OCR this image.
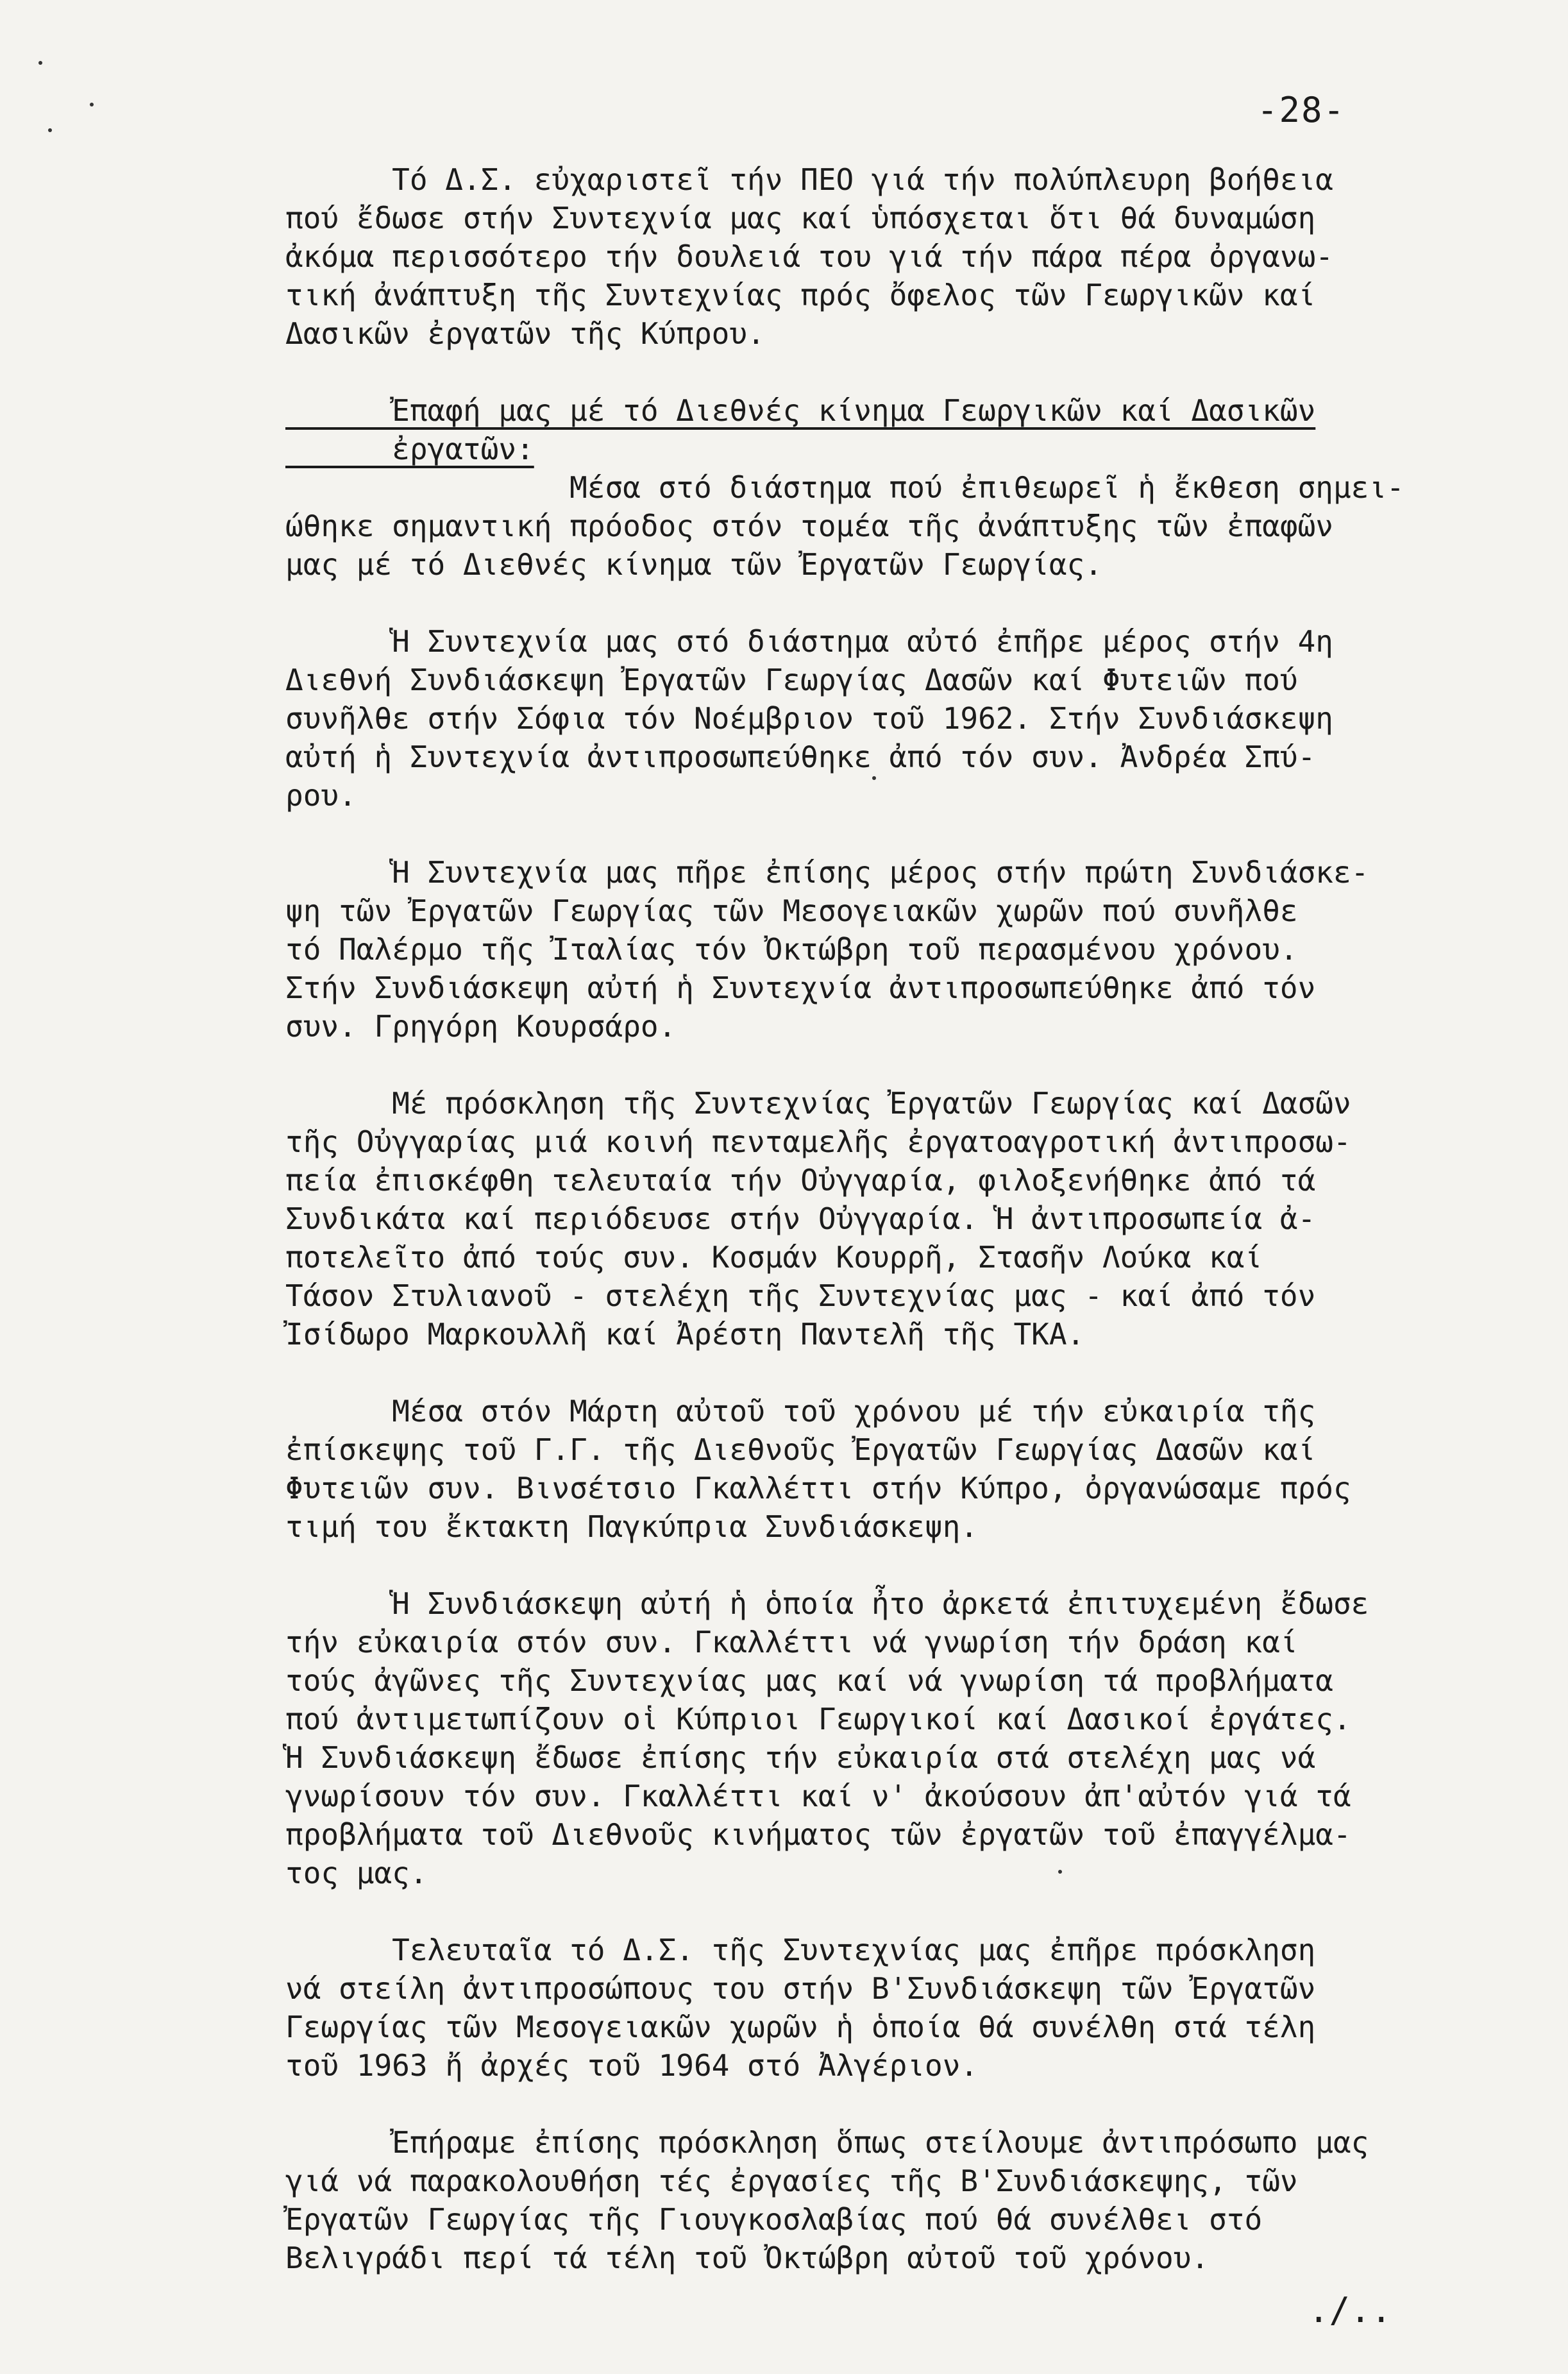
-28-

Τό Δ.Σ. εὐχαριστεῖ τήν ΠΕΟ γιά τήν πολύπλευρη βοήθεια
πού ἔδωσε στήν Συντεχνία μας καί ὑπόσχεται ὅτι θά δυναμώση
ἀκόμα περισσότερο τήν δουλειά του γιά τήν πάρα πέρα ὀργανω-
τική ἀνάπτυξη τῆς Συντεχνίας πρός ὄφελος τῶν Γεωργικῶν καί
Δασικῶν ἐργατῶν τῆς Κύπρου.

Ἐπαφή μας μέ τό Διεθνές κίνημα Γεωργικῶν καί Δασικῶν
ἐργατῶν:
Μέσα στό διάστημα πού ἐπιθεωρεῖ ἡ ἔκθεση σημει-
ώθηκε σημαντική πρόοδος στόν τομέα τῆς ἀνάπτυξης τῶν ἐπαφῶν
μας μέ τό Διεθνές κίνημα τῶν Ἐργατῶν Γεωργίας.

Ἡ Συντεχνία μας στό διάστημα αὐτό ἐπῆρε μέρος στήν 4η
Διεθνή Συνδιάσκεψη Ἐργατῶν Γεωργίας Δασῶν καί Φυτειῶν πού
συνῆλθε στήν Σόφια τόν Νοέμβριον τοῦ 1962. Στήν Συνδιάσκεψη
αὐτή ἡ Συντεχνία ἀντιπροσωπεύθηκε ἀπό τόν συν. Ἀνδρέα Σπύ-
ρου.

Ἡ Συντεχνία μας πῆρε ἐπίσης μέρος στήν πρώτη Συνδιάσκε-
ψη τῶν Ἐργατῶν Γεωργίας τῶν Μεσογειακῶν χωρῶν πού συνῆλθε
τό Παλέρμο τῆς Ἰταλίας τόν Ὀκτώβρη τοῦ περασμένου χρόνου.
Στήν Συνδιάσκεψη αὐτή ἡ Συντεχνία ἀντιπροσωπεύθηκε ἀπό τόν
συν. Γρηγόρη Κουρσάρο.

Μέ πρόσκληση τῆς Συντεχνίας Ἐργατῶν Γεωργίας καί Δασῶν
τῆς Οὐγγαρίας μιά κοινή πενταμελῆς ἐργατοαγροτική ἀντιπροσω-
πεία ἐπισκέφθη τελευταία τήν Οὐγγαρία, φιλοξενήθηκε ἀπό τά
Συνδικάτα καί περιόδευσε στήν Οὐγγαρία. Ἡ ἀντιπροσωπεία ἀ-
ποτελεῖτο ἀπό τούς συν. Κοσμάν Κουρρῆ, Στασῆν Λούκα καί
Τάσον Στυλιανοῦ - στελέχη τῆς Συντεχνίας μας - καί ἀπό τόν
Ἰσίδωρο Μαρκουλλῆ καί Ἀρέστη Παντελῆ τῆς ΤΚΑ.

Μέσα στόν Μάρτη αὐτοῦ τοῦ χρόνου μέ τήν εὐκαιρία τῆς
ἐπίσκεψης τοῦ Γ.Γ. τῆς Διεθνοῦς Ἐργατῶν Γεωργίας Δασῶν καί
Φυτειῶν συν. Βινσέτσιο Γκαλλέττι στήν Κύπρο, ὀργανώσαμε πρός
τιμή του ἔκτακτη Παγκύπρια Συνδιάσκεψη.

Ἡ Συνδιάσκεψη αὐτή ἡ ὁποία ἦτο ἀρκετά ἐπιτυχεμένη ἔδωσε
τήν εὐκαιρία στόν συν. Γκαλλέττι νά γνωρίση τήν δράση καί
τούς ἀγῶνες τῆς Συντεχνίας μας καί νά γνωρίση τά προβλήματα
πού ἀντιμετωπίζουν οἱ Κύπριοι Γεωργικοί καί Δασικοί ἐργάτες.
Ἡ Συνδιάσκεψη ἔδωσε ἐπίσης τήν εὐκαιρία στά στελέχη μας νά
γνωρίσουν τόν συν. Γκαλλέττι καί ν' ἀκούσουν ἀπ'αὐτόν γιά τά
προβλήματα τοῦ Διεθνοῦς κινήματος τῶν ἐργατῶν τοῦ ἐπαγγέλμα-
τος μας.

Τελευταῖα τό Δ.Σ. τῆς Συντεχνίας μας ἐπῆρε πρόσκληση
νά στείλη ἀντιπροσώπους του στήν Β'Συνδιάσκεψη τῶν Ἐργατῶν
Γεωργίας τῶν Μεσογειακῶν χωρῶν ἡ ὁποία θά συνέλθη στά τέλη
τοῦ 1963 ἤ ἀρχές τοῦ 1964 στό Ἀλγέριον.

Ἐπήραμε ἐπίσης πρόσκληση ὅπως στείλουμε ἀντιπρόσωπο μας
γιά νά παρακολουθήση τές ἐργασίες τῆς Β'Συνδιάσκεψης, τῶν
Ἐργατῶν Γεωργίας τῆς Γιουγκοσλαβίας πού θά συνέλθει στό
Βελιγράδι περί τά τέλη τοῦ Ὀκτώβρη αὐτοῦ τοῦ χρόνου.

./..
